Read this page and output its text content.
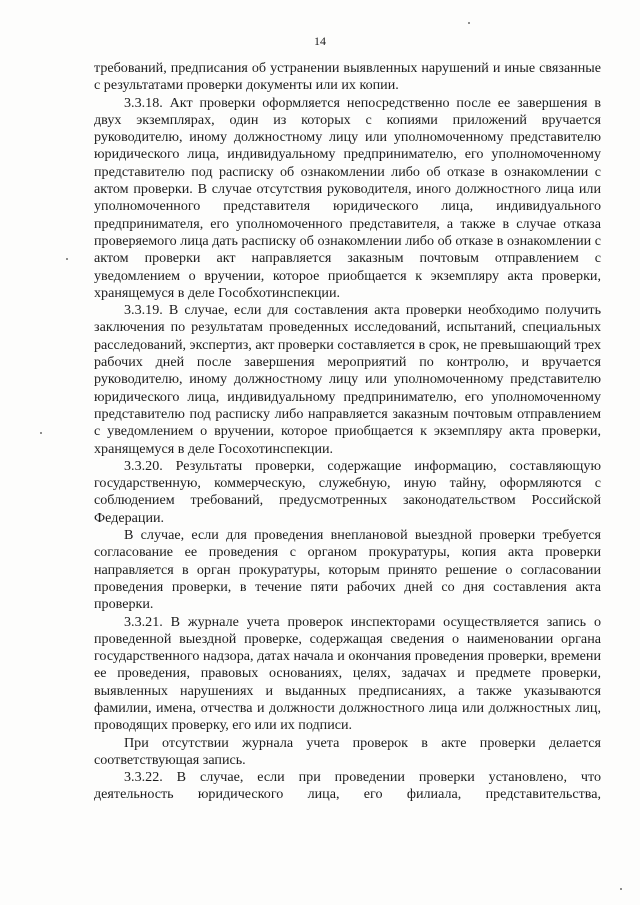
14

требований, предписания об устранении выявленных нарушений и иные связанные с результатами проверки документы или их копии.

3.3.18. Акт проверки оформляется непосредственно после ее завершения в двух экземплярах, один из которых с копиями приложений вручается руководителю, иному должностному лицу или уполномоченному представителю юридического лица, индивидуальному предпринимателю, его уполномоченному представителю под расписку об ознакомлении либо об отказе в ознакомлении с актом проверки. В случае отсутствия руководителя, иного должностного лица или уполномоченного представителя юридического лица, индивидуального предпринимателя, его уполномоченного представителя, а также в случае отказа проверяемого лица дать расписку об ознакомлении либо об отказе в ознакомлении с актом проверки акт направляется заказным почтовым отправлением с уведомлением о вручении, которое приобщается к экземпляру акта проверки, хранящемуся в деле Гособхотинспекции.

3.3.19. В случае, если для составления акта проверки необходимо получить заключения по результатам проведенных исследований, испытаний, специальных расследований, экспертиз, акт проверки составляется в срок, не превышающий трех рабочих дней после завершения мероприятий по контролю, и вручается руководителю, иному должностному лицу или уполномоченному представителю юридического лица, индивидуальному предпринимателю, его уполномоченному представителю под расписку либо направляется заказным почтовым отправлением с уведомлением о вручении, которое приобщается к экземпляру акта проверки, хранящемуся в деле Госохотинспекции.

3.3.20. Результаты проверки, содержащие информацию, составляющую государственную, коммерческую, служебную, иную тайну, оформляются с соблюдением требований, предусмотренных законодательством Российской Федерации.

В случае, если для проведения внеплановой выездной проверки требуется согласование ее проведения с органом прокуратуры, копия акта проверки направляется в орган прокуратуры, которым принято решение о согласовании проведения проверки, в течение пяти рабочих дней со дня составления акта проверки.

3.3.21. В журнале учета проверок инспекторами осуществляется запись о проведенной выездной проверке, содержащая сведения о наименовании органа государственного надзора, датах начала и окончания проведения проверки, времени ее проведения, правовых основаниях, целях, задачах и предмете проверки, выявленных нарушениях и выданных предписаниях, а также указываются фамилии, имена, отчества и должности должностного лица или должностных лиц, проводящих проверку, его или их подписи.

При отсутствии журнала учета проверок в акте проверки делается соответствующая запись.

3.3.22. В случае, если при проведении проверки установлено, что деятельность юридического лица, его филиала, представительства,
